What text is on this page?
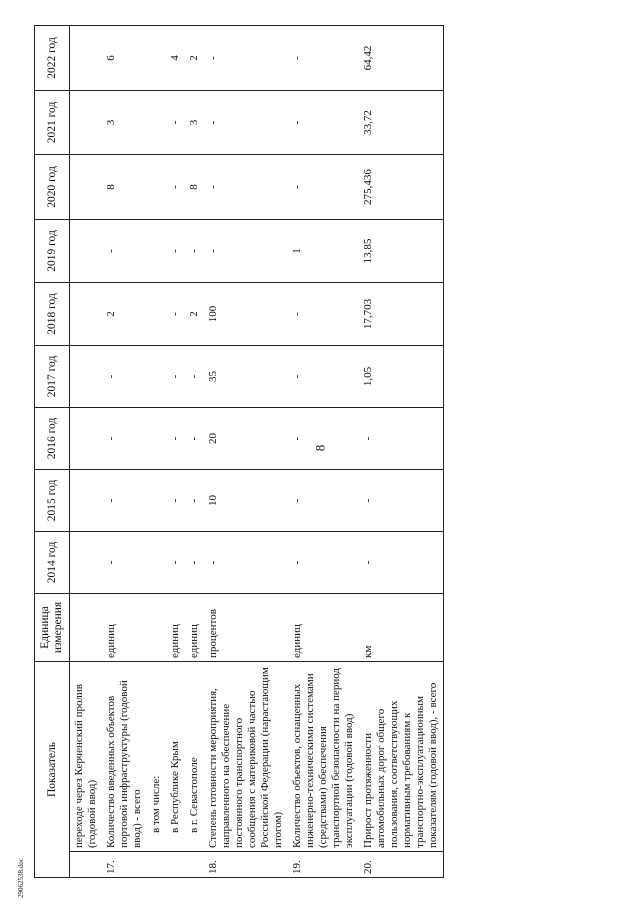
8
29062538.doc
Показатель		Единица измерения	2014 год	2015 год	2016 год	2017 год	2018 год	2019 год	2020 год	2021 год	2022 год
	переходе через Керченский пролив (годовой ввод)										
17.	Количество введенных объектов портовой инфраструктуры (годовой ввод) - всего	единиц	-	-	-	-	2	-	8	3	6
	в том числе:										
	в Республике Крым	единиц	-	-	-	-	-	-	-	-	4
	в г. Севастополе	единиц	-	-	-	-	2	-	8	3	2
18.	Степень готовности мероприятия, направленного на обеспечение постоянного транспортного сообщения с материковой частью Российской Федерации (нарастающим итогом)	процентов	-	10	20	35	100	-	-	-	-
19.	Количество объектов, оснащенных инженерно-техническими системами (средствами) обеспечения транспортной безопасности на период эксплуатации (годовой ввод)	единиц	-	-	-	-	-	1	-	-	-
20.	Прирост протяженности автомобильных дорог общего пользования, соответствующих нормативным требованиям к транспортно-эксплуатационным показателям (годовой ввод), - всего	км	-	-	-	1,05	17,703	13,85	275,436	33,72	64,42
